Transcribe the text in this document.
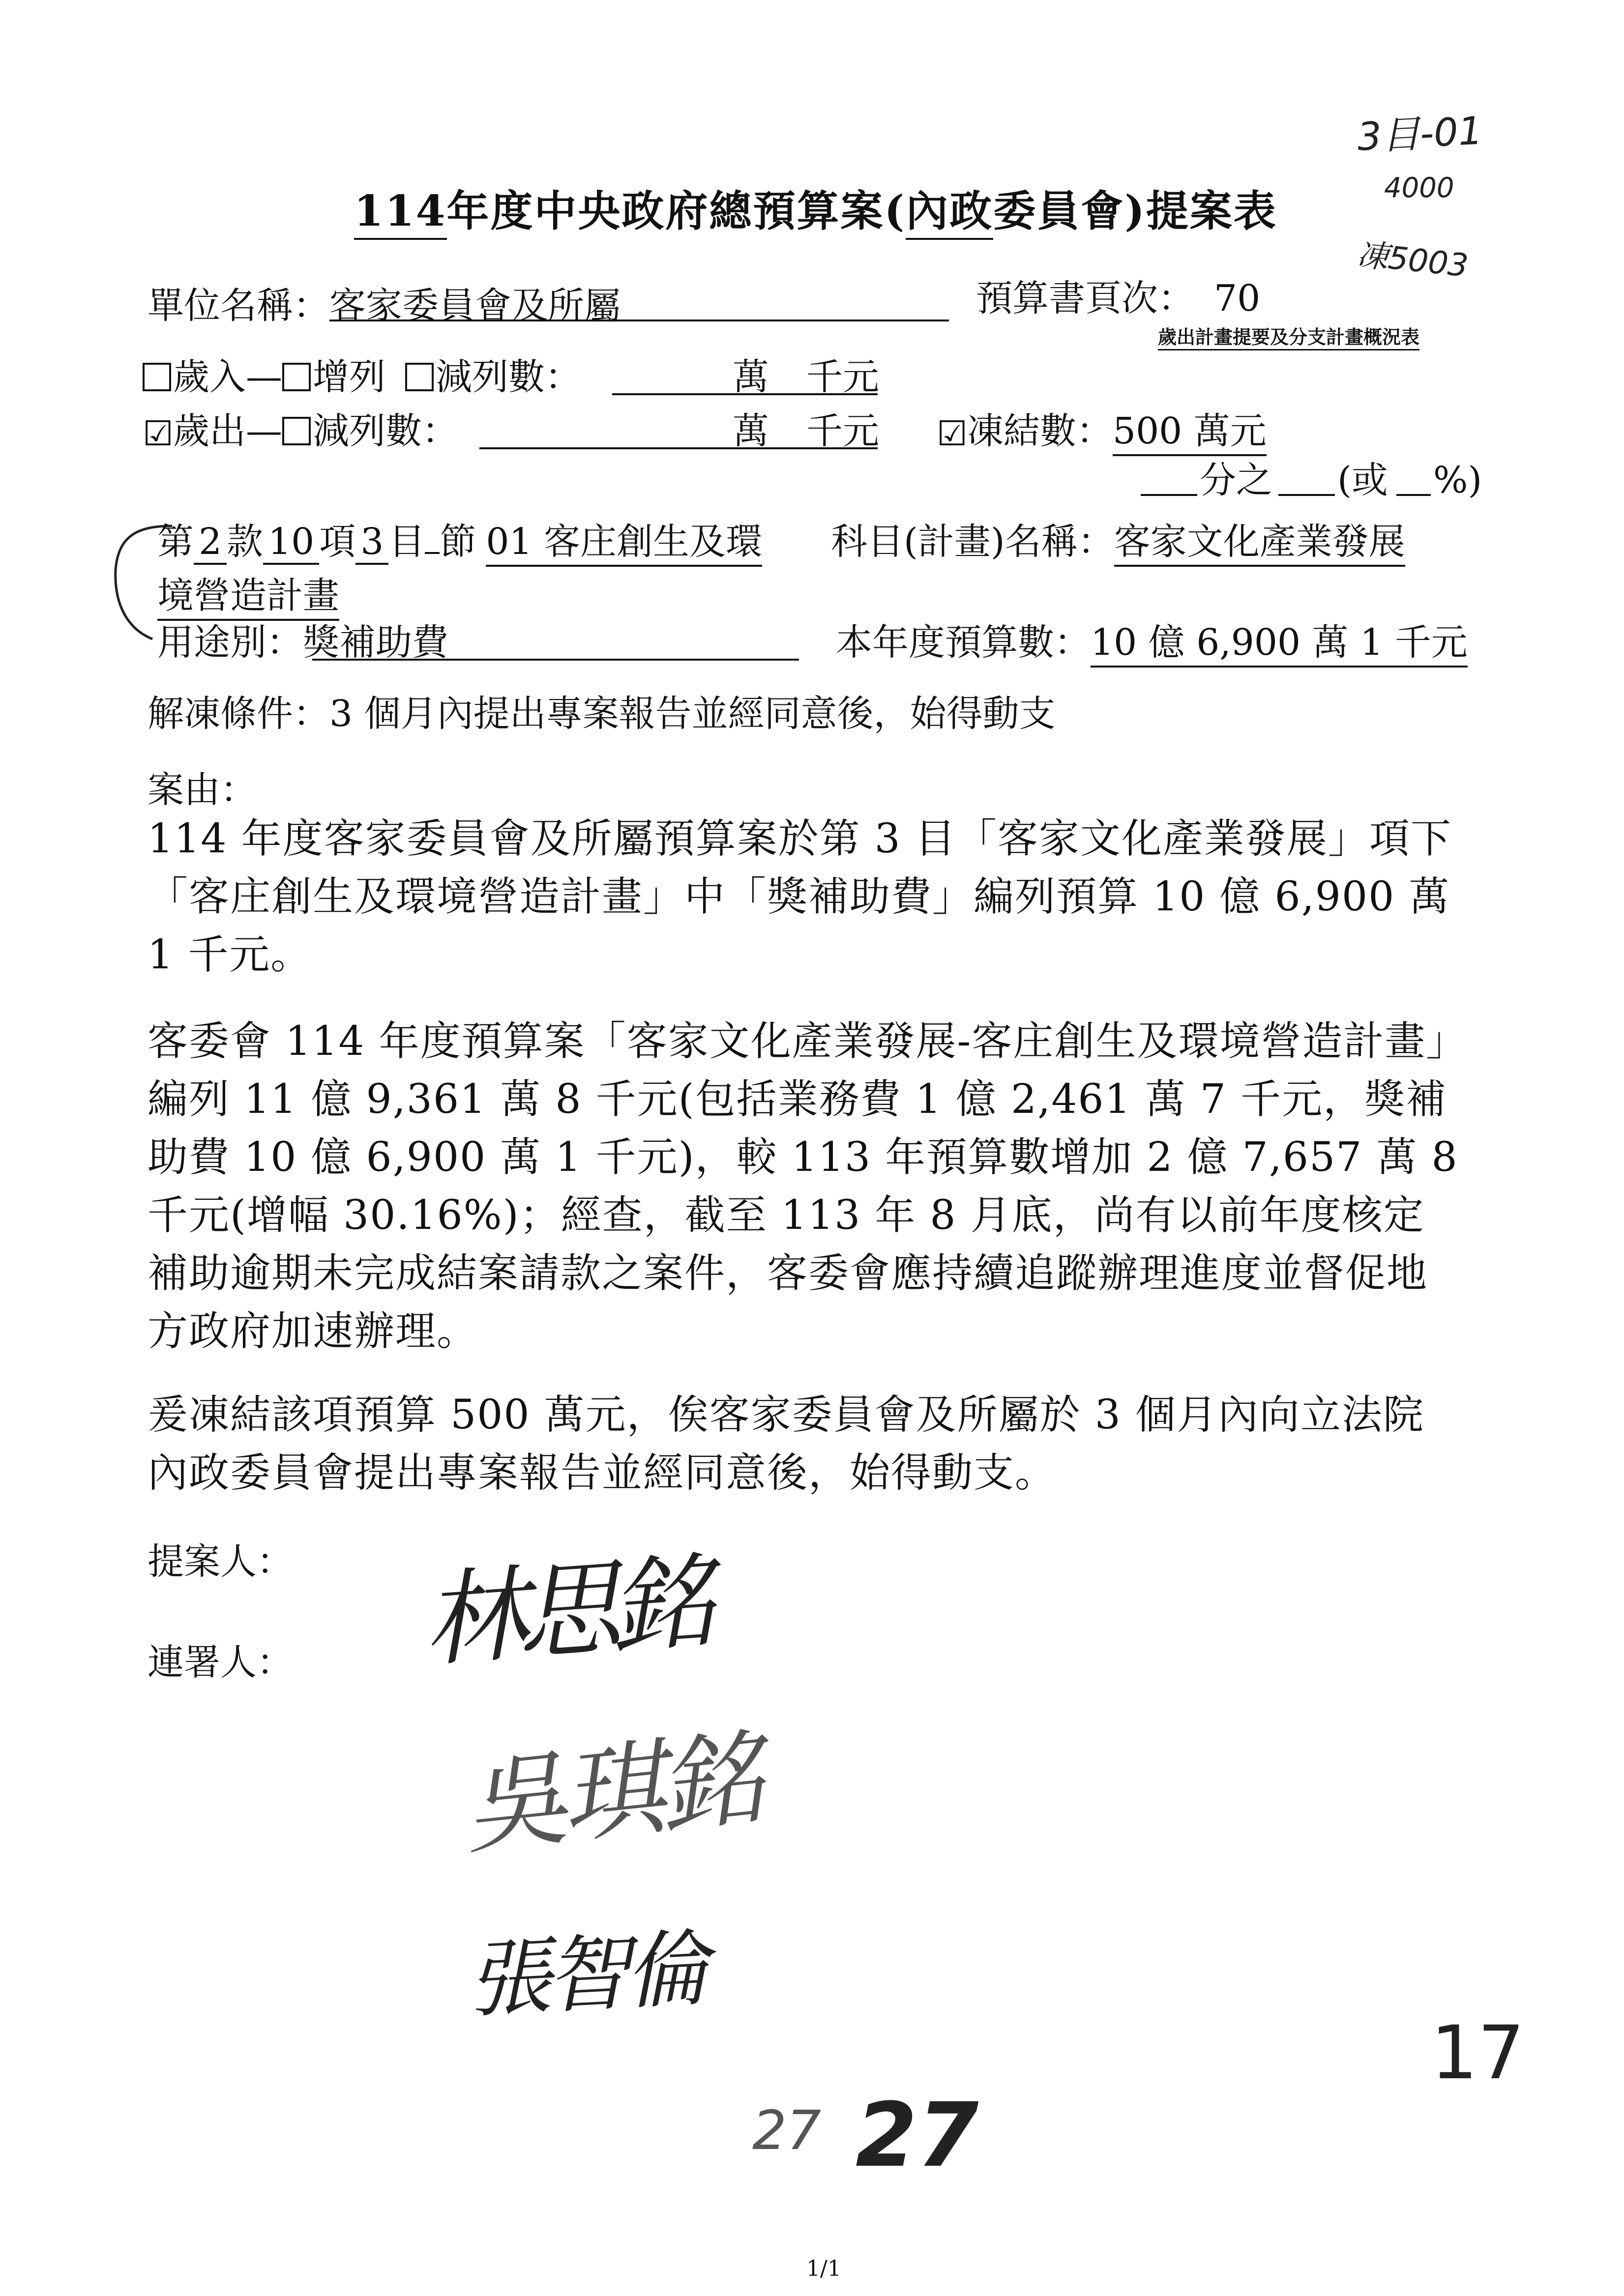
3目-01
4000
凍5003
114年度中央政府總預算案(內政委員會)提案表
單位名稱：客家委員會及所屬	預算書頁次： 70
歲出計畫提要及分支計畫概況表
歲入— 增列 減列數：	萬 千元
☑歲出— 減列數：	萬 千元 ☑凍結數：500 萬元
分之 (或 %)
第 2 款 10 項 3 目 節 01 客庄創生及環 科目(計畫)名稱：客家文化產業發展
境營造計畫
用途別：獎補助費	本年度預算數：10 億 6,900 萬 1 千元
解凍條件：3 個月內提出專案報告並經同意後，始得動支
案由：
114 年度客家委員會及所屬預算案於第 3 目「客家文化產業發展」項下「客庄創生及環境營造計畫」中「獎補助費」編列預算 10 億 6,900 萬 1 千元。
客委會 114 年度預算案「客家文化產業發展-客庄創生及環境營造計畫」編列 11 億 9,361 萬 8 千元(包括業務費 1 億 2,461 萬 7 千元，獎補助費 10 億 6,900 萬 1 千元)，較 113 年預算數增加 2 億 7,657 萬 8 千元(增幅 30.16%)；經查，截至 113 年 8 月底，尚有以前年度核定補助逾期未完成結案請款之案件，客委會應持續追蹤辦理進度並督促地方政府加速辦理。
爰凍結該項預算 500 萬元，俟客家委員會及所屬於 3 個月內向立法院內政委員會提出專案報告並經同意後，始得動支。
提案人：
連署人： 林思銘
吳琪銘
張智倫
17
27 27
1/1
